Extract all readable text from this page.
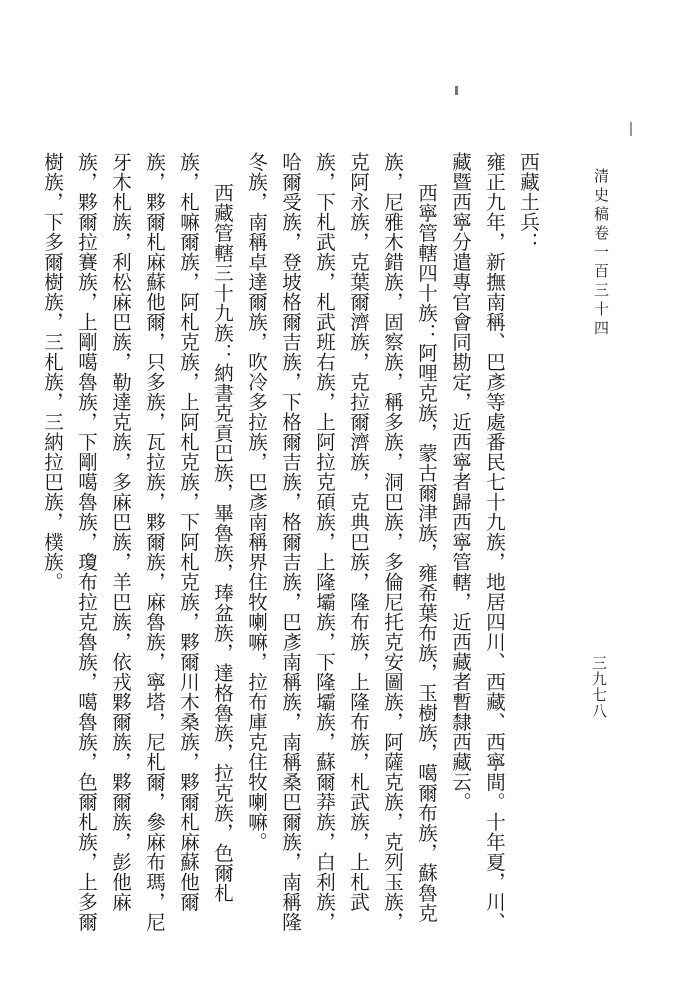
清史稿卷一百三十四
三九七八

西藏土兵：

雍正九年，新撫南稱、巴彥等處番民七十九族，地居四川、西藏、西寧間。十年夏，川、藏暨西寧分遣專官會同勘定，近西寧者歸西寧管轄，近西藏者暫隸西藏云。

西寧管轄四十族：阿哩克族，蒙古爾津族，雍希葉布族，玉樹族，噶爾布族，蘇魯克族，尼雅木錯族，固察族，稱多族，洞巴族，多倫尼托克安圖族，阿薩克族，克列玉族，克阿永族，克葉爾濟族，克拉爾濟族，克典巴族，隆布族，上隆布族，札武族，上札武族，下札武族，札武班右族，上阿拉克碩族，上隆壩族，下隆壩族，蘇爾莽族，白利族，哈爾受族，登坡格爾吉族，下格爾吉族，格爾吉族，巴彥南稱族，南稱桑巴爾族，南稱隆冬族，南稱卓達爾族，吹冷多拉族，巴彥南稱界住牧喇嘛，拉布庫克住牧喇嘛。

西藏管轄三十九族：納書克貢巴族，畢魯族，琫盆族，達格魯族，拉克族，色爾札族，札嘛爾族，阿札克族，上阿札克族，下阿札克族，夥爾川木桑族，夥爾札麻蘇他爾族，夥爾札麻蘇他爾，只多族，瓦拉族，夥爾族，麻魯族，寧塔，尼札爾，參麻布瑪，尼牙木札族，利松麻巴族，勒達克族，多麻巴族，羊巴族，依戎夥爾族，夥爾族，彭他麻族，夥爾拉賽族，上剛噶魯族，下剛噶魯族，瓊布拉克魯族，噶魯族，色爾札族，上多爾樹族，下多爾樹族，三札族，三納拉巴族，樸族。
